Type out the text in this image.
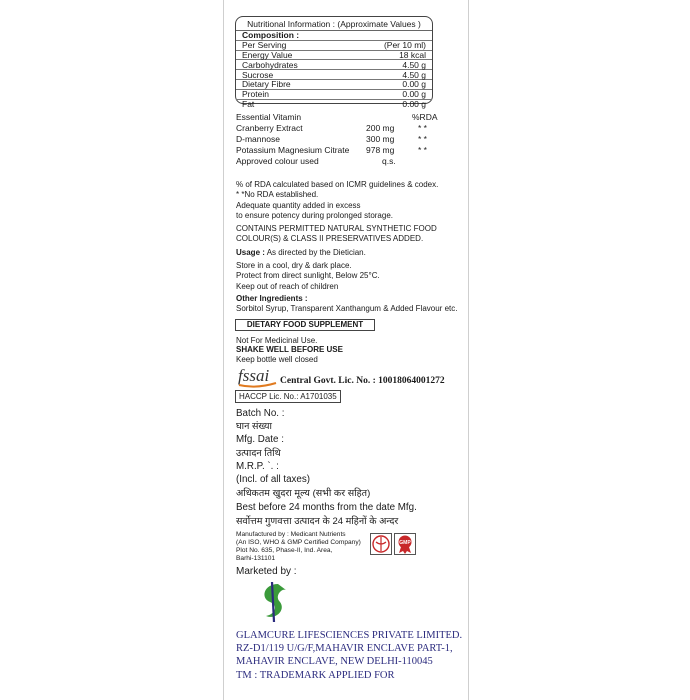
Nutritional Information : (Approximate Values )
Composition :
Per Serving	(Per 10 ml)
Energy Value	18 kcal
Carbohydrates	4.50 g
Sucrose	4.50 g
Dietary Fibre	0.00 g
Protein	0.00 g
Fat	0.00 g
Essential Vitamin	%RDA
Cranberry Extract	200 mg	* *
D-mannose	300 mg	* *
Potassium Magnesium Citrate 978 mg	* *
Approved colour used	q.s.
% of RDA calculated based on ICMR guidelines & codex.
* *No RDA established.
Adequate quantity added in excess
to ensure potency during prolonged storage.
CONTAINS PERMITTED NATURAL SYNTHETIC FOOD
COLOUR(S) & CLASS II PRESERVATIVES ADDED.
Usage : As directed by the Dietician.
Store in a cool, dry & dark place.
Protect from direct sunlight, Below 25°C.
Keep out of reach of children
Other Ingredients :
Sorbitol Syrup, Transparent Xanthangum & Added Flavour etc.
DIETARY FOOD SUPPLEMENT
Not For Medicinal Use.
SHAKE WELL BEFORE USE
Keep bottle well closed
fssai Central Govt. Lic. No. : 10018064001272
HACCP Lic. No.: A1701035
Batch No. :
घान संख्या
Mfg. Date :
उत्पादन तिथि
M.R.P. `. :
(Incl. of all taxes)
अधिकतम खुदरा मूल्य (सभी कर सहित)
Best before 24 months from the date Mfg.
सर्वोत्तम गुणवत्ता उत्पादन के 24 महिनों के अन्दर
Manufactured by : Medicant Nutrients
(An ISO, WHO & GMP Certified Company)
Plot No. 635, Phase-II, Ind. Area,
Barhi-131101
GMP
Marketed by :
GLAMCURE LIFESCIENCES PRIVATE LIMITED.
RZ-D1/119 U/G/F,MAHAVIR ENCLAVE PART-1,
MAHAVIR ENCLAVE, NEW DELHI-110045
TM : TRADEMARK APPLIED FOR
